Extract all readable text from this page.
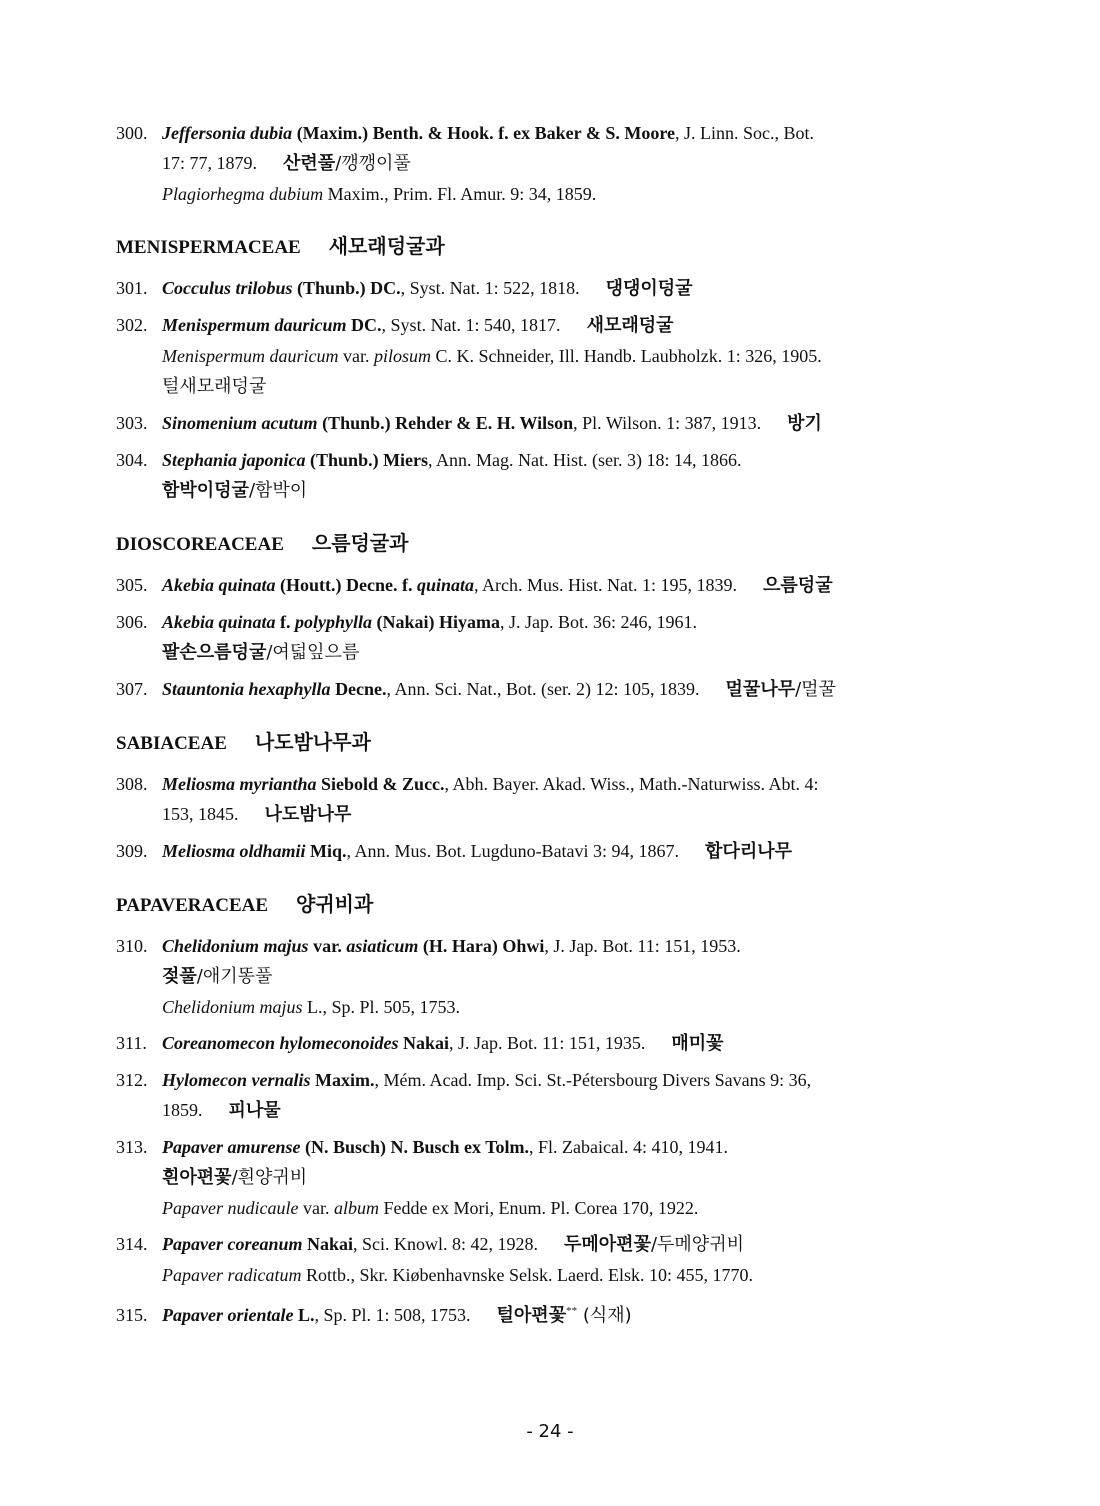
300. Jeffersonia dubia (Maxim.) Benth. & Hook. f. ex Baker & S. Moore, J. Linn. Soc., Bot.
17: 77, 1879. 산련풀/깽깽이풀
Plagiorhegma dubium Maxim., Prim. Fl. Amur. 9: 34, 1859.
MENISPERMACEAE 새모래덩굴과
301. Cocculus trilobus (Thunb.) DC., Syst. Nat. 1: 522, 1818. 댕댕이덩굴
302. Menispermum dauricum DC., Syst. Nat. 1: 540, 1817. 새모래덩굴
Menispermum dauricum var. pilosum C. K. Schneider, Ill. Handb. Laubholzk. 1: 326, 1905.
털새모래덩굴
303. Sinomenium acutum (Thunb.) Rehder & E. H. Wilson, Pl. Wilson. 1: 387, 1913. 방기
304. Stephania japonica (Thunb.) Miers, Ann. Mag. Nat. Hist. (ser. 3) 18: 14, 1866.
함박이덩굴/함박이
DIOSCOREACEAE 으름덩굴과
305. Akebia quinata (Houtt.) Decne. f. quinata, Arch. Mus. Hist. Nat. 1: 195, 1839. 으름덩굴
306. Akebia quinata f. polyphylla (Nakai) Hiyama, J. Jap. Bot. 36: 246, 1961.
팔손으름덩굴/여덟잎으름
307. Stauntonia hexaphylla Decne., Ann. Sci. Nat., Bot. (ser. 2) 12: 105, 1839. 멀꿀나무/멀꿀
SABIACEAE 나도밤나무과
308. Meliosma myriantha Siebold & Zucc., Abh. Bayer. Akad. Wiss., Math.-Naturwiss. Abt. 4:
153, 1845. 나도밤나무
309. Meliosma oldhamii Miq., Ann. Mus. Bot. Lugduno-Batavi 3: 94, 1867. 합다리나무
PAPAVERACEAE 양귀비과
310. Chelidonium majus var. asiaticum (H. Hara) Ohwi, J. Jap. Bot. 11: 151, 1953.
젖풀/애기똥풀
Chelidonium majus L., Sp. Pl. 505, 1753.
311. Coreanomecon hylomeconoides Nakai, J. Jap. Bot. 11: 151, 1935. 매미꽃
312. Hylomecon vernalis Maxim., Mém. Acad. Imp. Sci. St.-Pétersbourg Divers Savans 9: 36,
1859. 피나물
313. Papaver amurense (N. Busch) N. Busch ex Tolm., Fl. Zabaical. 4: 410, 1941.
흰아편꽃/흰양귀비
Papaver nudicaule var. album Fedde ex Mori, Enum. Pl. Corea 170, 1922.
314. Papaver coreanum Nakai, Sci. Knowl. 8: 42, 1928. 두메아편꽃/두메양귀비
Papaver radicatum Rottb., Skr. Kiøbenhavnske Selsk. Laerd. Elsk. 10: 455, 1770.
315. Papaver orientale L., Sp. Pl. 1: 508, 1753. 털아편꽃** (식재)
- 24 -
